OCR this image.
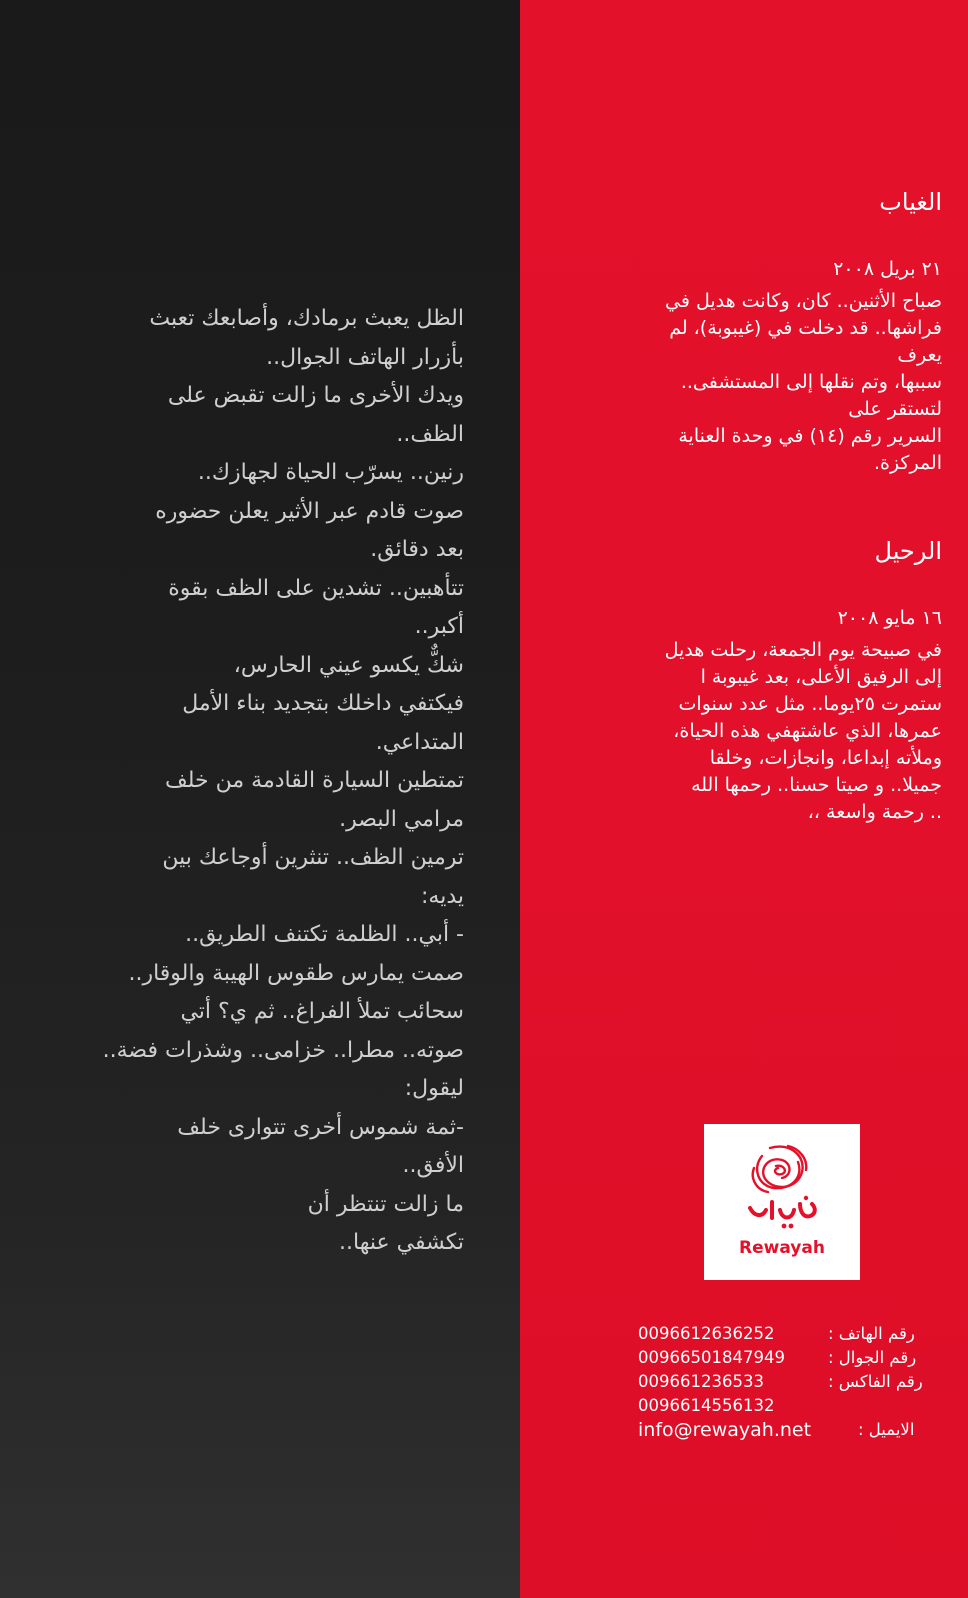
الظل يعبث برمادك، وأصابعك تعبث
بأزرار الهاتف الجوال..
ويدك الأخرى ما زالت تقبض على
الظف..
رنين.. يسرّب الحياة لجهازك..
صوت قادم عبر الأثير يعلن حضوره
بعد دقائق.
تتأهبين.. تشدين على الظف بقوة
أكبر..
شكٌّ يكسو عيني الحارس،
فيكتفي داخلك بتجديد بناء الأمل
المتداعي.
تمتطين السيارة القادمة من خلف
مرامي البصر.
ترمين الظف.. تنثرين أوجاعك بين
يديه:
- أبي.. الظلمة تكتنف الطريق..
صمت يمارس طقوس الهيبة والوقار..
سحائب تملأ الفراغ.. ثم ي؟ أتي
صوته.. مطرا.. خزامى.. وشذرات فضة..
ليقول:
-ثمة شموس أخرى تتوارى خلف
الأفق..
ما زالت تنتظر أن
تكشفي عنها..
الغياب
٢١ بريل ٢٠٠٨
صباح الأثنين.. كان، وكانت هديل في
فراشها.. قد دخلت في (غيبوبة)، لم
يعرف
سببها، وتم نقلها إلى المستشفى..
لتستقر على
السرير رقم (١٤) في وحدة العناية
المركزة.
الرحيل
١٦ مايو ٢٠٠٨
في صبيحة يوم الجمعة، رحلت هديل
إلى الرفيق الأعلى، بعد غيبوبة ا
ستمرت ٢٥يوما.. مثل عدد سنوات
عمرها، الذي عاشتهفي هذه الحياة،
وملأته إبداعا، وانجازات، وخلقا
جميلا.. و صيتا حسنا.. رحمها الله
.. رحمة واسعة ،،
Rewayah
0096612636252	رقم الهاتف :
00966501847949	رقم الجوال :
009661236533	رقم الفاكس :
0096614556132
info@rewayah.net	الايميل :
